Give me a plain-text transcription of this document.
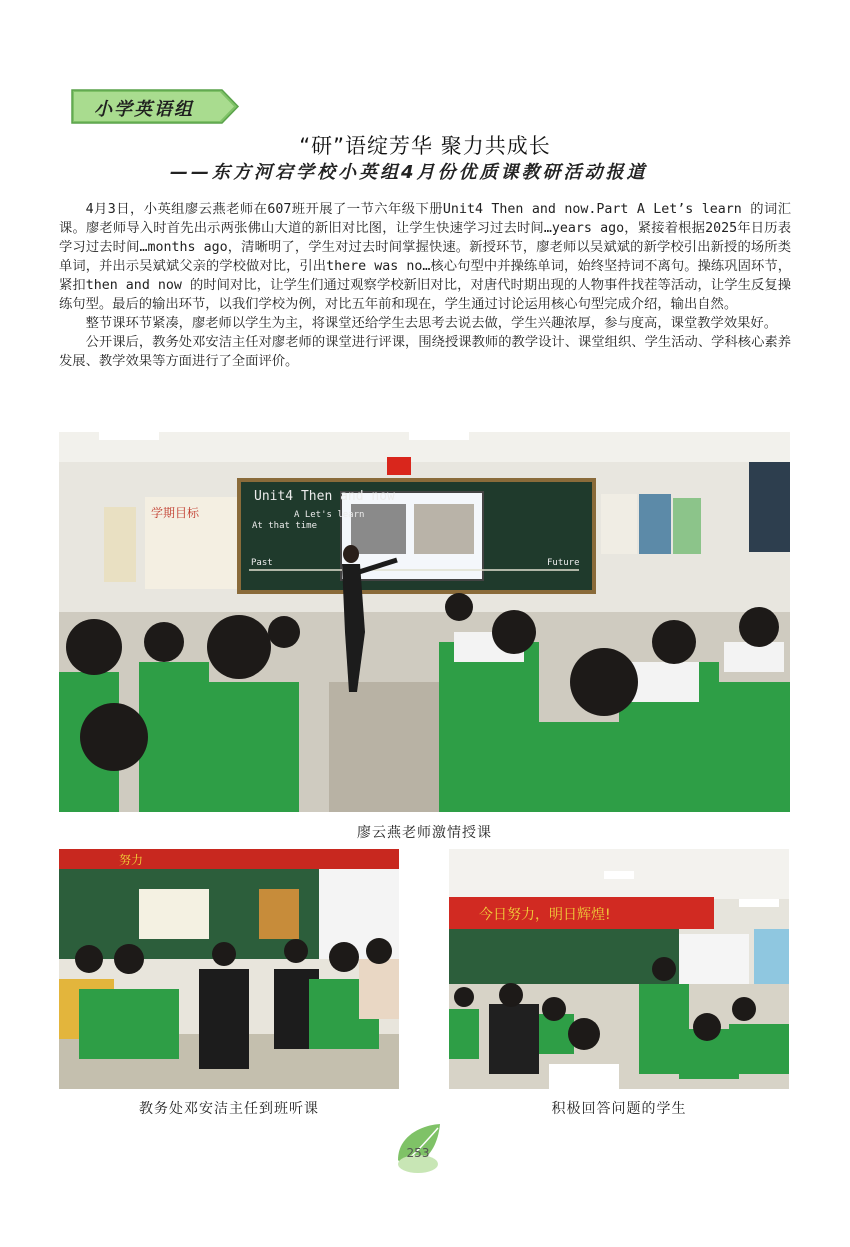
小学英语组
“研”语绽芳华 聚力共成长
——东方河宕学校小英组4月份优质课教研活动报道

4月3日，小英组廖云燕老师在607班开展了一节六年级下册Unit4 Then and now.Part A Let’s learn 的词汇课。廖老师导入时首先出示两张佛山大道的新旧对比图，让学生快速学习过去时间…years ago，紧接着根据2025年日历表学习过去时间…months ago，清晰明了，学生对过去时间掌握快速。新授环节，廖老师以吴斌斌的新学校引出新授的场所类单词，并出示吴斌斌父亲的学校做对比，引出there was no…核心句型中并操练单词，始终坚持词不离句。操练巩固环节，紧扣then and now 的时间对比，让学生们通过观察学校新旧对比，对唐代时期出现的人物事件找茬等活动，让学生反复操练句型。最后的输出环节，以我们学校为例，对比五年前和现在，学生通过讨论运用核心句型完成介绍，输出自然。

整节课环节紧凑，廖老师以学生为主，将课堂还给学生去思考去说去做，学生兴趣浓厚，参与度高，课堂教学效果好。

公开课后，教务处邓安洁主任对廖老师的课堂进行评课，围绕授课教师的教学设计、课堂组织、学生活动、学科核心素养发展、教学效果等方面进行了全面评价。

Unit4 Then and now
A Let's learn
At that time
Past	Future
学期目标
廖云燕老师激情授课
努力
教务处邓安洁主任到班听课
今日努力，明日辉煌!
积极回答问题的学生
253
